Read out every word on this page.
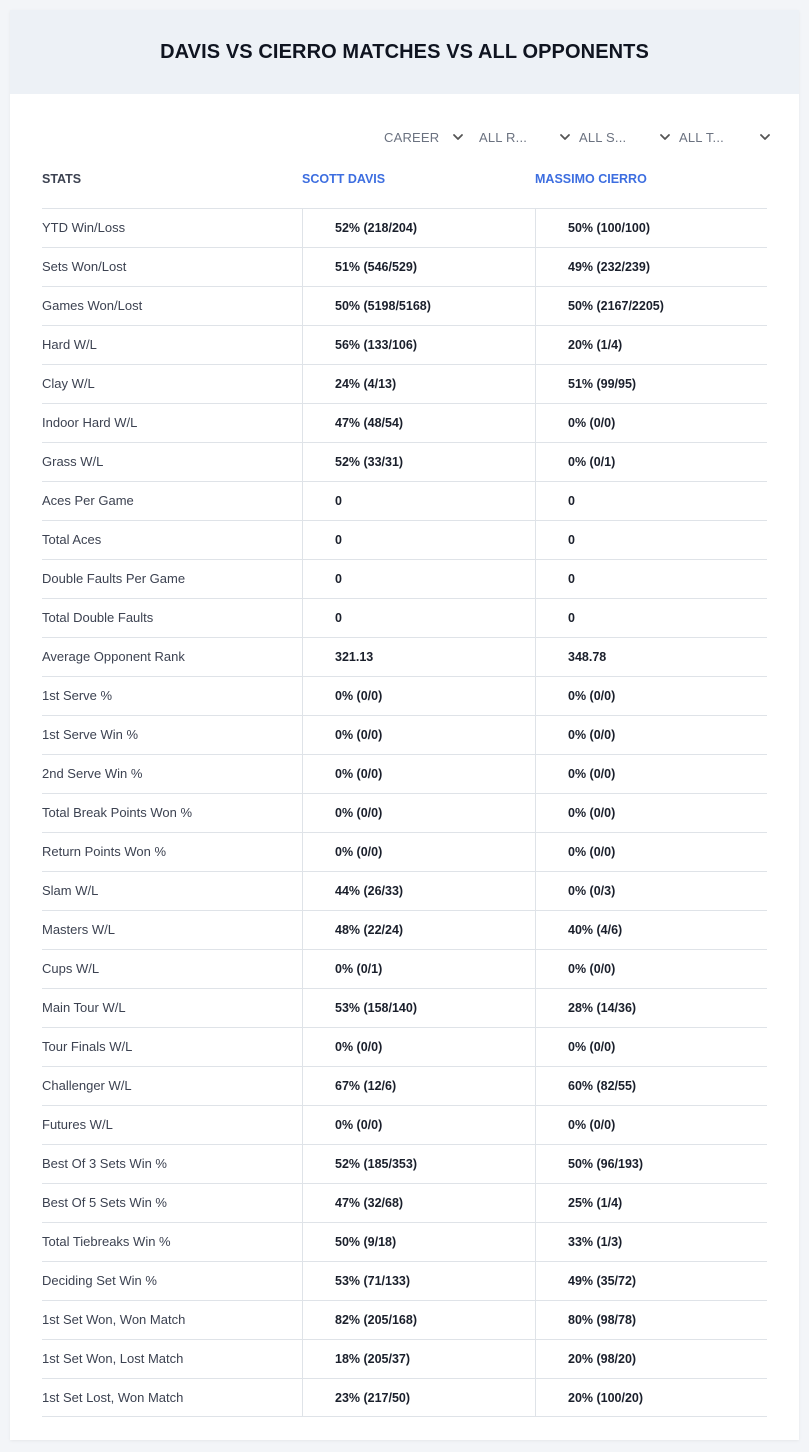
DAVIS VS CIERRO MATCHES VS ALL OPPONENTS
CAREER	ALL R...	ALL S...	ALL T...
STATS	SCOTT DAVIS	MASSIMO CIERRO
YTD Win/Loss	52% (218/204)	50% (100/100)
Sets Won/Lost	51% (546/529)	49% (232/239)
Games Won/Lost	50% (5198/5168)	50% (2167/2205)
Hard W/L	56% (133/106)	20% (1/4)
Clay W/L	24% (4/13)	51% (99/95)
Indoor Hard W/L	47% (48/54)	0% (0/0)
Grass W/L	52% (33/31)	0% (0/1)
Aces Per Game	0	0
Total Aces	0	0
Double Faults Per Game	0	0
Total Double Faults	0	0
Average Opponent Rank	321.13	348.78
1st Serve %	0% (0/0)	0% (0/0)
1st Serve Win %	0% (0/0)	0% (0/0)
2nd Serve Win %	0% (0/0)	0% (0/0)
Total Break Points Won %	0% (0/0)	0% (0/0)
Return Points Won %	0% (0/0)	0% (0/0)
Slam W/L	44% (26/33)	0% (0/3)
Masters W/L	48% (22/24)	40% (4/6)
Cups W/L	0% (0/1)	0% (0/0)
Main Tour W/L	53% (158/140)	28% (14/36)
Tour Finals W/L	0% (0/0)	0% (0/0)
Challenger W/L	67% (12/6)	60% (82/55)
Futures W/L	0% (0/0)	0% (0/0)
Best Of 3 Sets Win %	52% (185/353)	50% (96/193)
Best Of 5 Sets Win %	47% (32/68)	25% (1/4)
Total Tiebreaks Win %	50% (9/18)	33% (1/3)
Deciding Set Win %	53% (71/133)	49% (35/72)
1st Set Won, Won Match	82% (205/168)	80% (98/78)
1st Set Won, Lost Match	18% (205/37)	20% (98/20)
1st Set Lost, Won Match	23% (217/50)	20% (100/20)
